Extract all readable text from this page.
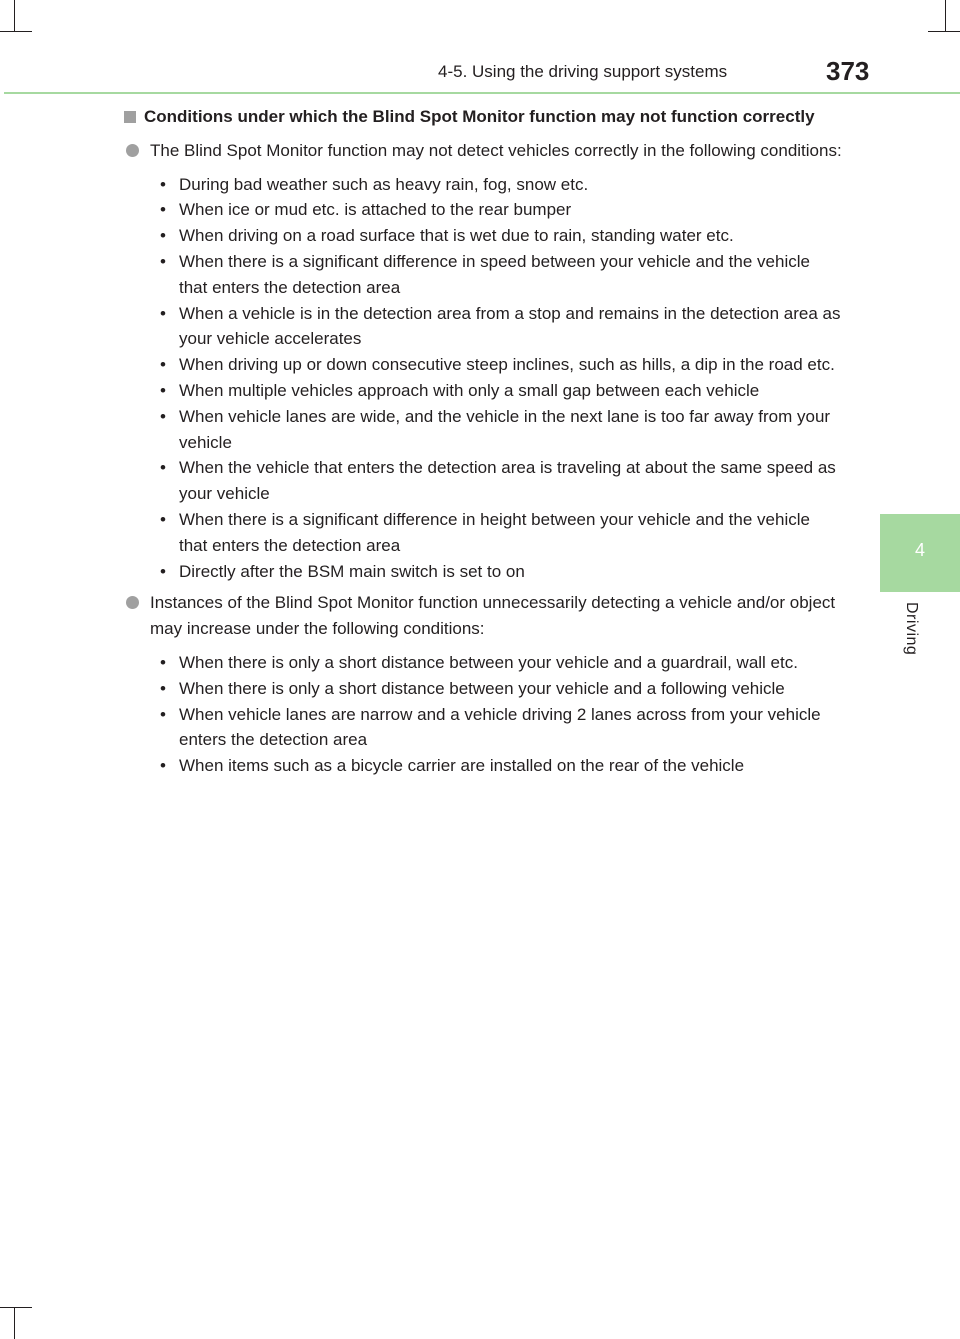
4-5. Using the driving support systems	373
4
Driving
Conditions under which the Blind Spot Monitor function may not function correctly
The Blind Spot Monitor function may not detect vehicles correctly in the following conditions:
• During bad weather such as heavy rain, fog, snow etc.
• When ice or mud etc. is attached to the rear bumper
• When driving on a road surface that is wet due to rain, standing water etc.
• When there is a significant difference in speed between your vehicle and the vehicle that enters the detection area
• When a vehicle is in the detection area from a stop and remains in the detection area as your vehicle accelerates
• When driving up or down consecutive steep inclines, such as hills, a dip in the road etc.
• When multiple vehicles approach with only a small gap between each vehicle
• When vehicle lanes are wide, and the vehicle in the next lane is too far away from your vehicle
• When the vehicle that enters the detection area is traveling at about the same speed as your vehicle
• When there is a significant difference in height between your vehicle and the vehicle that enters the detection area
• Directly after the BSM main switch is set to on
Instances of the Blind Spot Monitor function unnecessarily detecting a vehicle and/or object may increase under the following conditions:
• When there is only a short distance between your vehicle and a guardrail, wall etc.
• When there is only a short distance between your vehicle and a following vehicle
• When vehicle lanes are narrow and a vehicle driving 2 lanes across from your vehicle enters the detection area
• When items such as a bicycle carrier are installed on the rear of the vehicle
